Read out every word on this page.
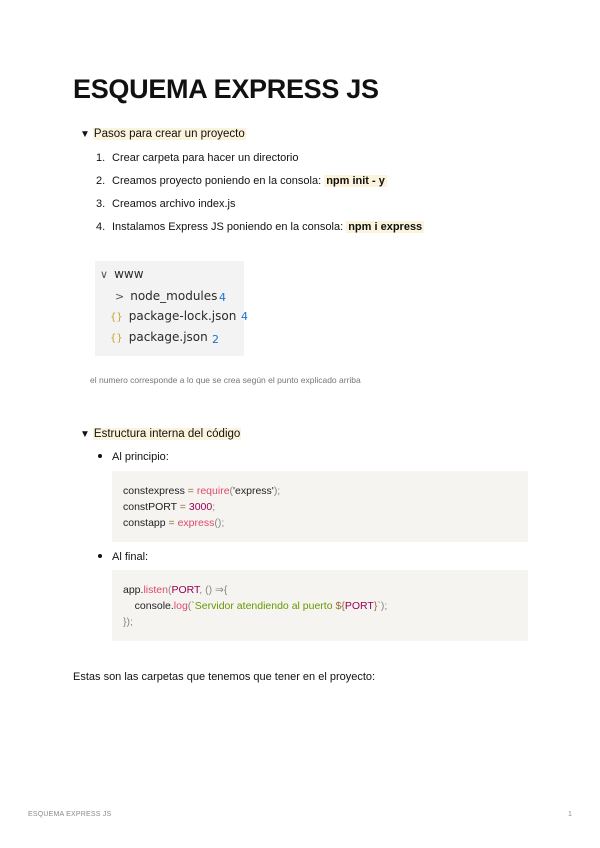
ESQUEMA EXPRESS JS
▼ Pasos para crear un proyecto
1. Crear carpeta para hacer un directorio
2. Creamos proyecto poniendo en la consola: npm init - y
3. Creamos archivo index.js
4. Instalamos Express JS poniendo en la consola: npm i express
∨ www
> node_modules 4
{} package-lock.json 4
{} package.json 2
el numero corresponde a lo que se crea según el punto explicado arriba
▼ Estructura interna del código
Al principio:
constexpress = require('express');
constPORT = 3000;
constapp = express();
Al final:
app.listen(PORT, () ⇒{
console.log(`Servidor atendiendo al puerto ${PORT}`);
});

Estas son las carpetas que tenemos que tener en el proyecto:

ESQUEMA EXPRESS JS	1
